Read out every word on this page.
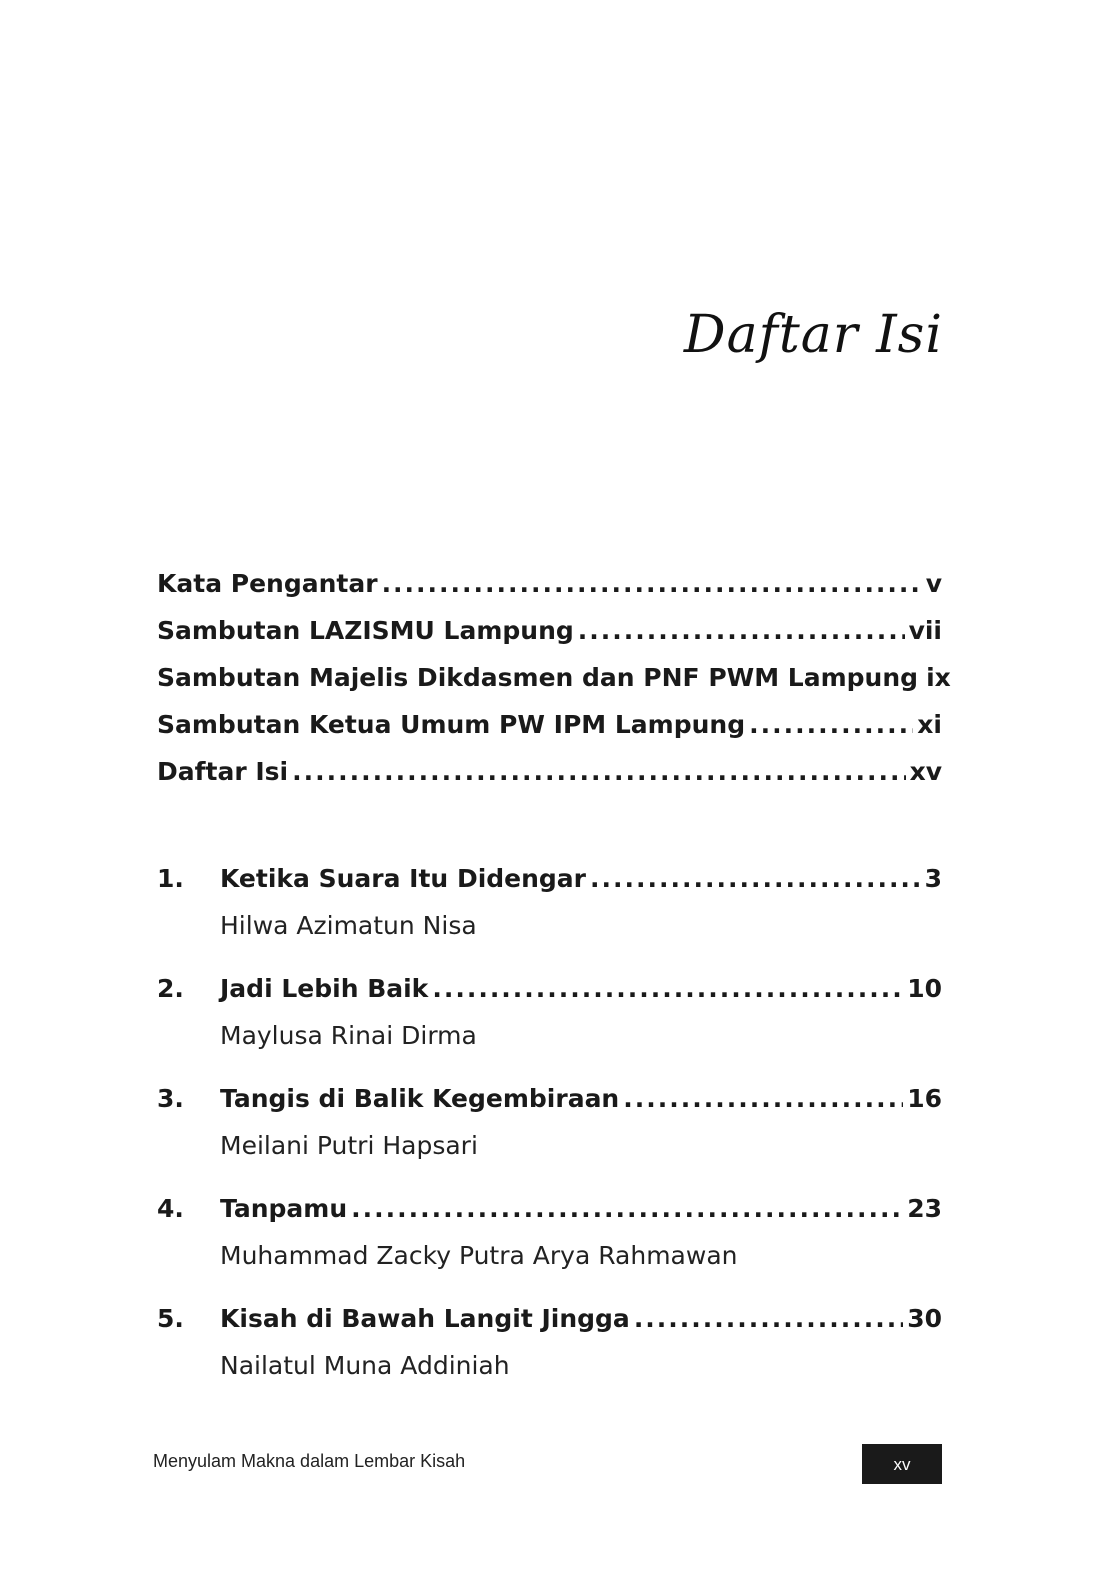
Daftar Isi
Kata Pengantar .....	v
Sambutan LAZISMU Lampung .....	vii
Sambutan Majelis Dikdasmen dan PNF PWM Lampung ix
Sambutan Ketua Umum PW IPM Lampung .....	xi
Daftar Isi .....	xv
1.	Ketika Suara Itu Didengar .....	3
Hilwa Azimatun Nisa
2.	Jadi Lebih Baik .....	10
Maylusa Rinai Dirma
3.	Tangis di Balik Kegembiraan .....	16
Meilani Putri Hapsari
4.	Tanpamu .....	23
Muhammad Zacky Putra Arya Rahmawan
5.	Kisah di Bawah Langit Jingga .....	30
Nailatul Muna Addiniah
Menyulam Makna dalam Lembar Kisah	xv
